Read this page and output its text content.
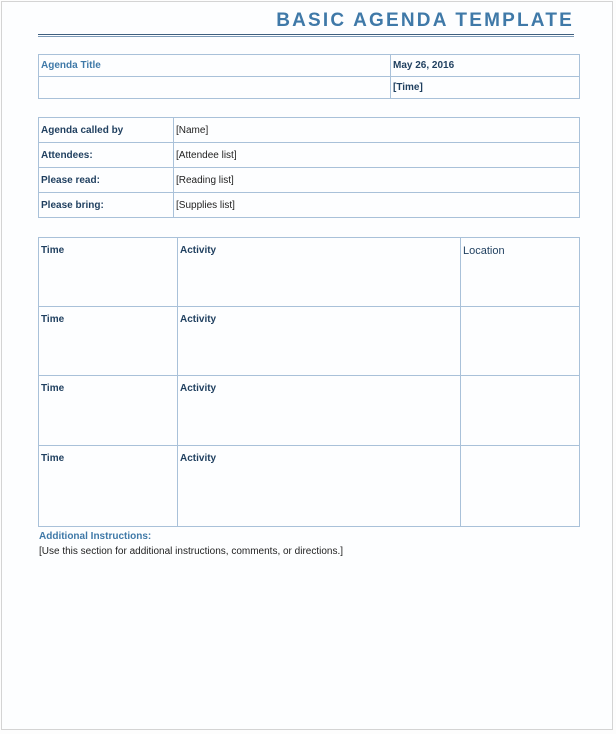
BASIC AGENDA TEMPLATE
Agenda Title	May 26, 2016
	[Time]
Agenda called by	[Name]
Attendees:	[Attendee list]
Please read:	[Reading list]
Please bring:	[Supplies list]
Time	Activity	Location
Time	Activity	
Time	Activity	
Time	Activity	
Additional Instructions:
[Use this section for additional instructions, comments, or directions.]
